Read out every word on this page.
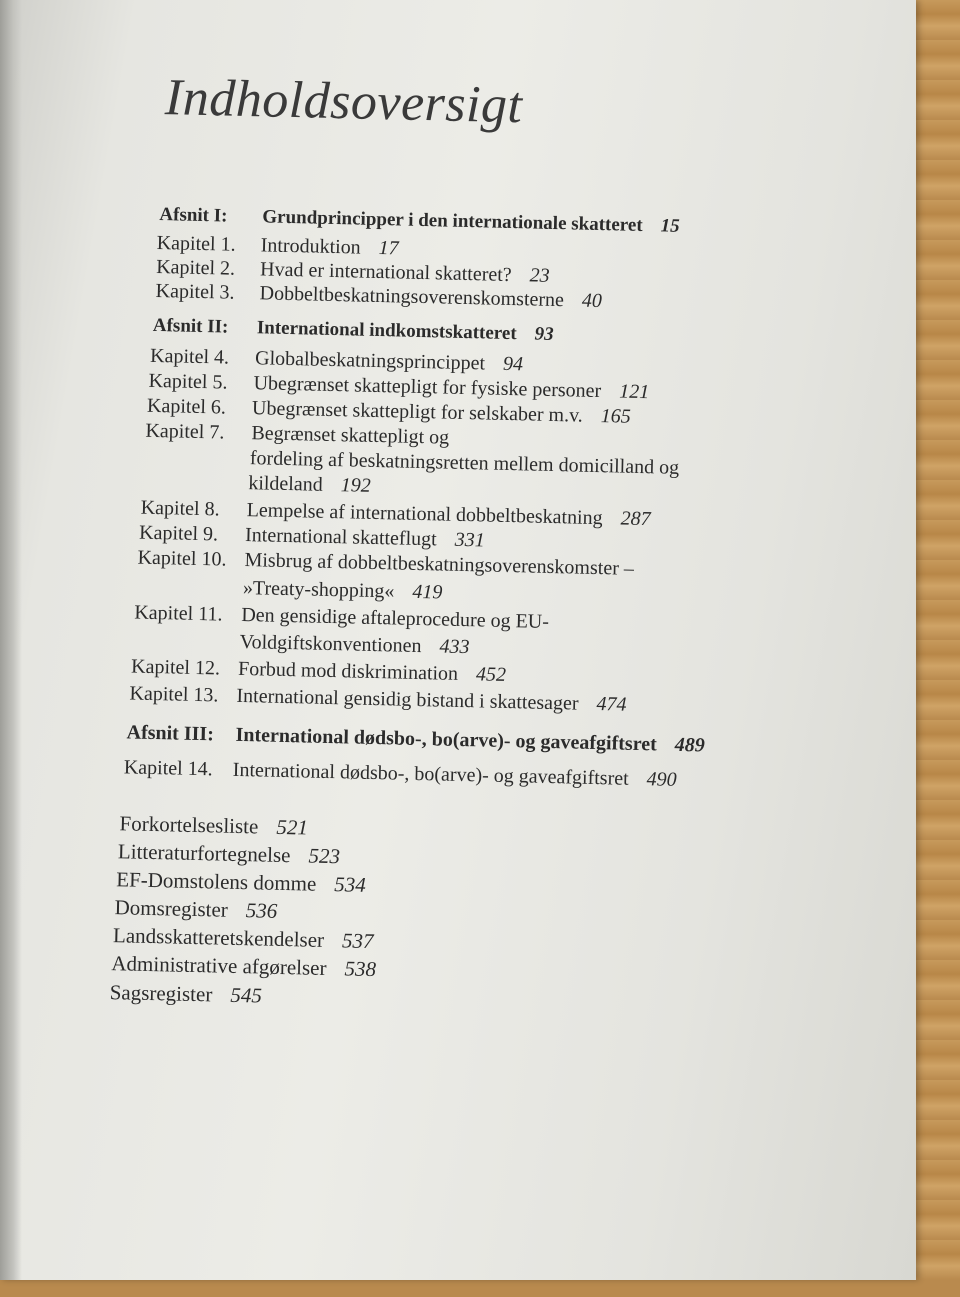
Indholdsoversigt
Afsnit I: Grundprincipper i den internationale skatteret 15
Kapitel 1. Introduktion 17
Kapitel 2. Hvad er international skatteret? 23
Kapitel 3. Dobbeltbeskatningsoverenskomsterne 40
Afsnit II: International indkomstskatteret 93
Kapitel 4. Globalbeskatningsprincippet 94
Kapitel 5. Ubegrænset skattepligt for fysiske personer 121
Kapitel 6. Ubegrænset skattepligt for selskaber m.v. 165
Kapitel 7. Begrænset skattepligt og
fordeling af beskatningsretten mellem domicilland og
kildeland 192
Kapitel 8. Lempelse af international dobbeltbeskatning 287
Kapitel 9. International skatteflugt 331
Kapitel 10. Misbrug af dobbeltbeskatningsoverenskomster –
»Treaty-shopping« 419
Kapitel 11. Den gensidige aftaleprocedure og EU-
Voldgiftskonventionen 433
Kapitel 12. Forbud mod diskrimination 452
Kapitel 13. International gensidig bistand i skattesager 474
Afsnit III: International dødsbo-, bo(arve)- og gaveafgiftsret 489
Kapitel 14. International dødsbo-, bo(arve)- og gaveafgiftsret 490
Forkortelsesliste 521
Litteraturfortegnelse 523
EF-Domstolens domme 534
Domsregister 536
Landsskatteretskendelser 537
Administrative afgørelser 538
Sagsregister 545
